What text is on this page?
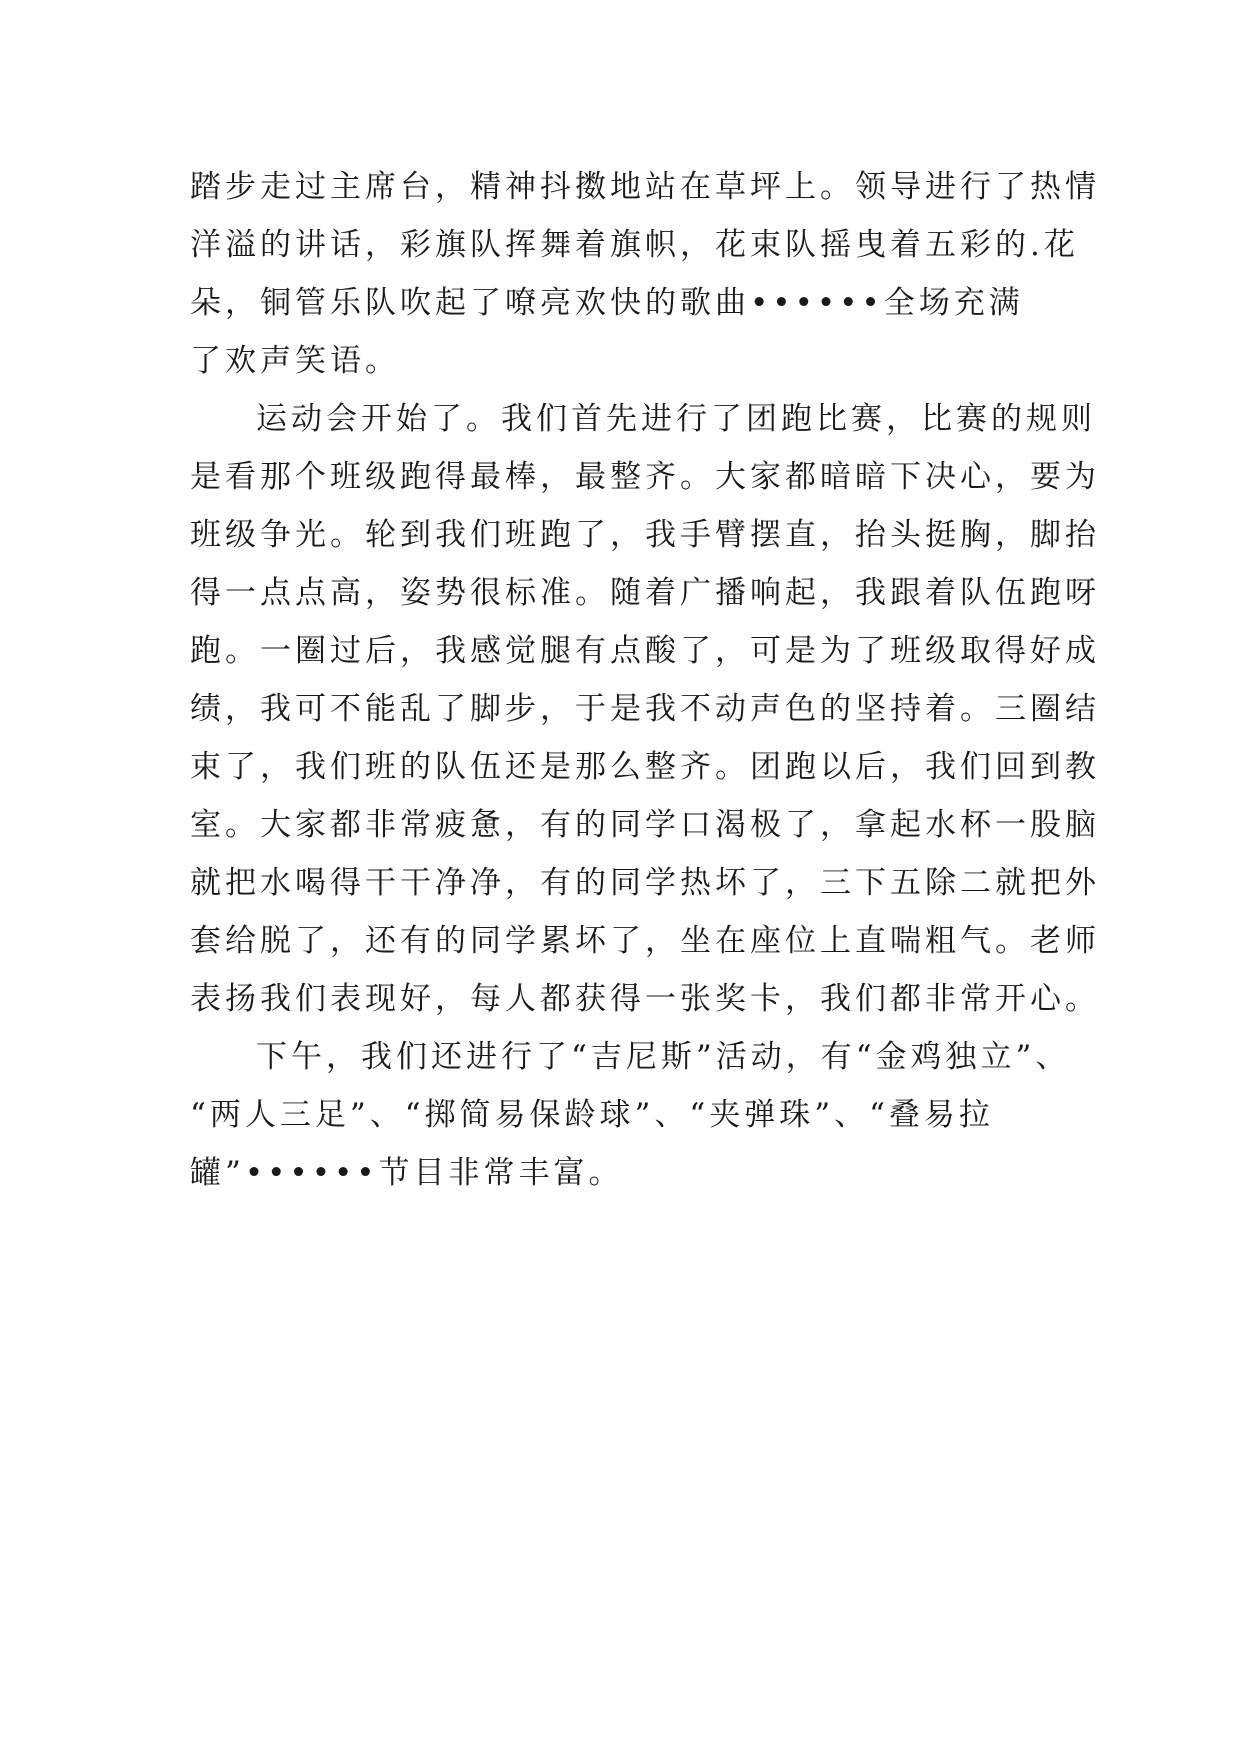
踏步走过主席台，精神抖擞地站在草坪上。领导进行了热情
洋溢的讲话，彩旗队挥舞着旗帜，花束队摇曳着五彩的.花
朵，铜管乐队吹起了嘹亮欢快的歌曲••••••全场充满
了欢声笑语。
运动会开始了。我们首先进行了团跑比赛，比赛的规则
是看那个班级跑得最棒，最整齐。大家都暗暗下决心，要为
班级争光。轮到我们班跑了，我手臂摆直，抬头挺胸，脚抬
得一点点高，姿势很标准。随着广播响起，我跟着队伍跑呀
跑。一圈过后，我感觉腿有点酸了，可是为了班级取得好成
绩，我可不能乱了脚步，于是我不动声色的坚持着。三圈结
束了，我们班的队伍还是那么整齐。团跑以后，我们回到教
室。大家都非常疲惫，有的同学口渴极了，拿起水杯一股脑
就把水喝得干干净净，有的同学热坏了，三下五除二就把外
套给脱了，还有的同学累坏了，坐在座位上直喘粗气。老师
表扬我们表现好，每人都获得一张奖卡，我们都非常开心。
下午，我们还进行了“吉尼斯”活动，有“金鸡独立”、
“两人三足”、“掷简易保龄球”、“夹弹珠”、“叠易拉
罐”••••••节目非常丰富。
